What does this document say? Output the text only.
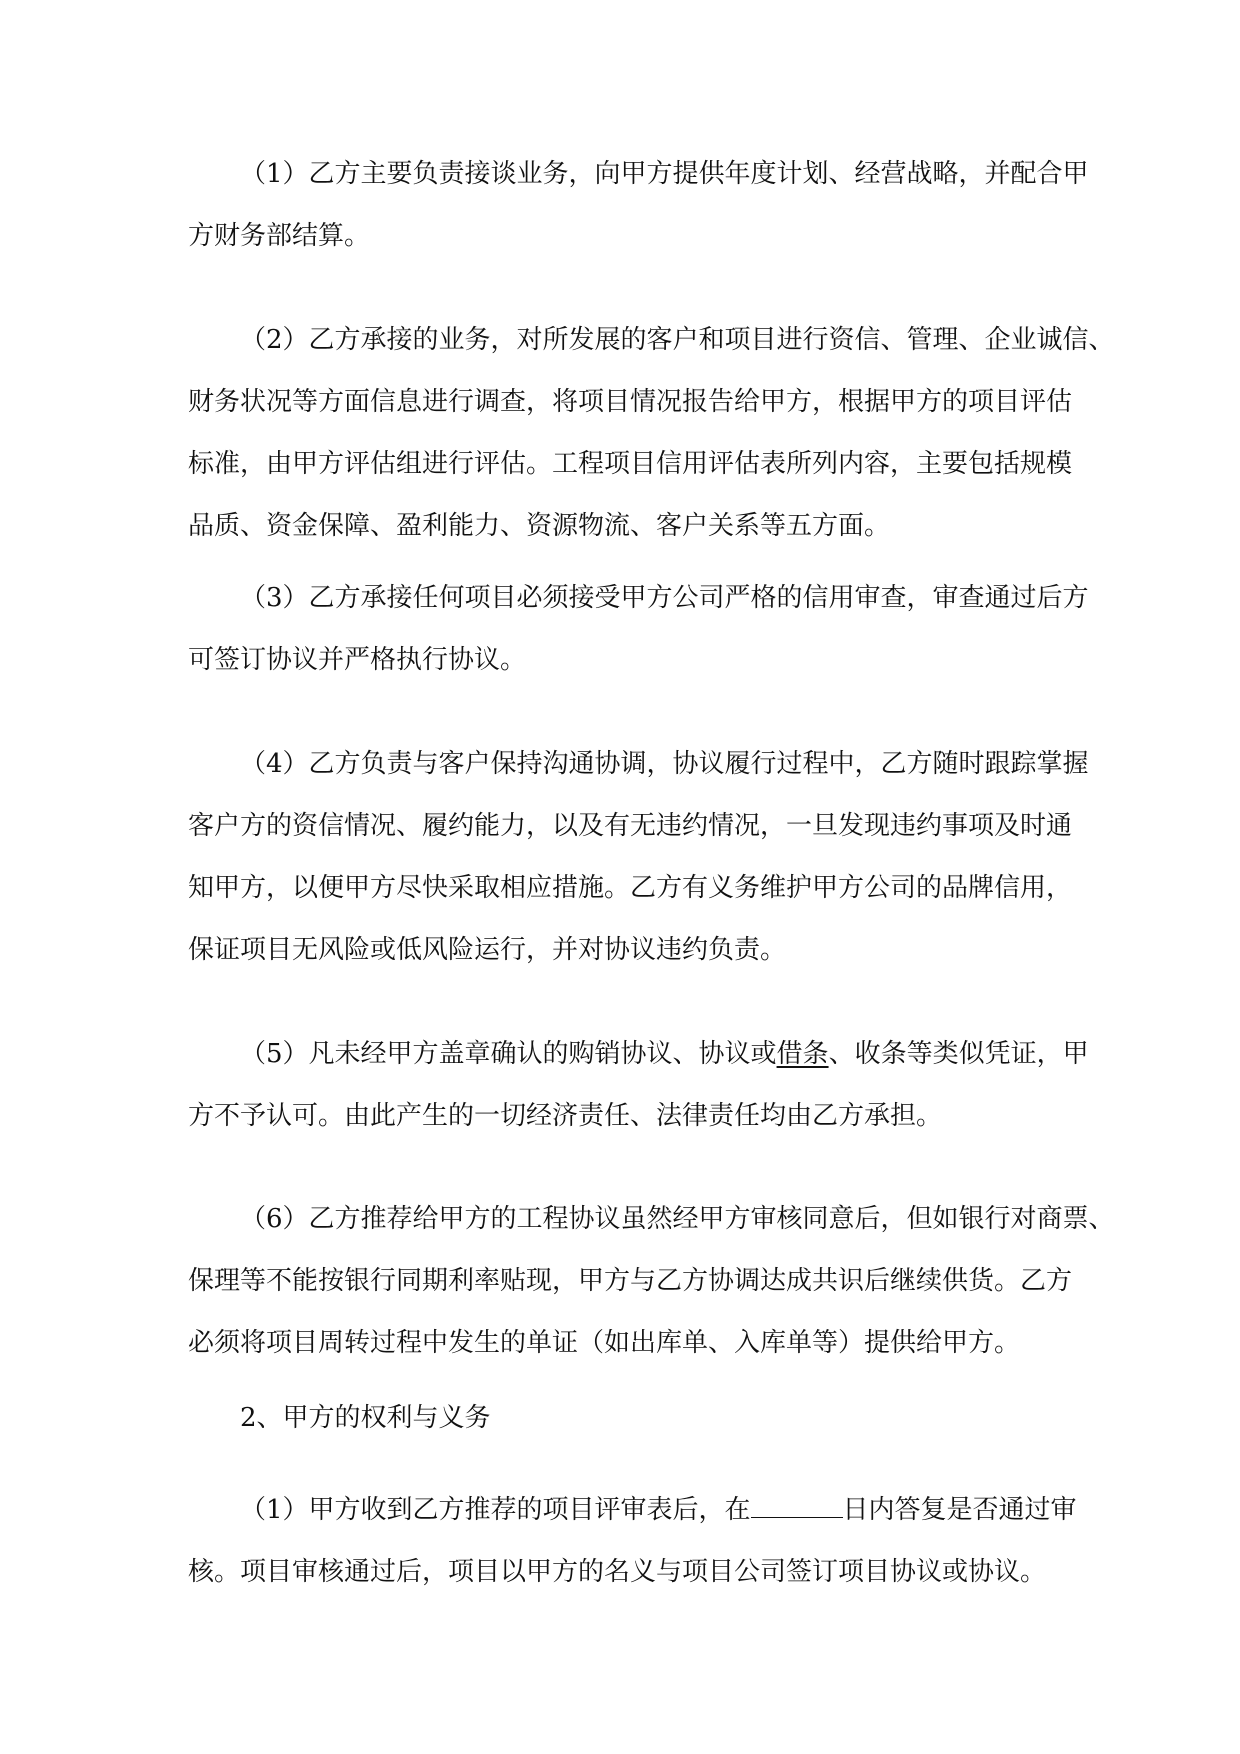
（1）乙方主要负责接谈业务，向甲方提供年度计划、经营战略，并配合甲
方财务部结算。
（2）乙方承接的业务，对所发展的客户和项目进行资信、管理、企业诚信、
财务状况等方面信息进行调查，将项目情况报告给甲方，根据甲方的项目评估
标准，由甲方评估组进行评估。工程项目信用评估表所列内容，主要包括规模
品质、资金保障、盈利能力、资源物流、客户关系等五方面。
（3）乙方承接任何项目必须接受甲方公司严格的信用审查，审查通过后方
可签订协议并严格执行协议。
（4）乙方负责与客户保持沟通协调，协议履行过程中，乙方随时跟踪掌握
客户方的资信情况、履约能力，以及有无违约情况，一旦发现违约事项及时通
知甲方，以便甲方尽快采取相应措施。乙方有义务维护甲方公司的品牌信用，
保证项目无风险或低风险运行，并对协议违约负责。
（5）凡未经甲方盖章确认的购销协议、协议或借条、收条等类似凭证，甲
方不予认可。由此产生的一切经济责任、法律责任均由乙方承担。
（6）乙方推荐给甲方的工程协议虽然经甲方审核同意后，但如银行对商票、
保理等不能按银行同期利率贴现，甲方与乙方协调达成共识后继续供货。乙方
必须将项目周转过程中发生的单证（如出库单、入库单等）提供给甲方。
2、甲方的权利与义务
（1）甲方收到乙方推荐的项目评审表后，在	日内答复是否通过审
核。项目审核通过后，项目以甲方的名义与项目公司签订项目协议或协议。
